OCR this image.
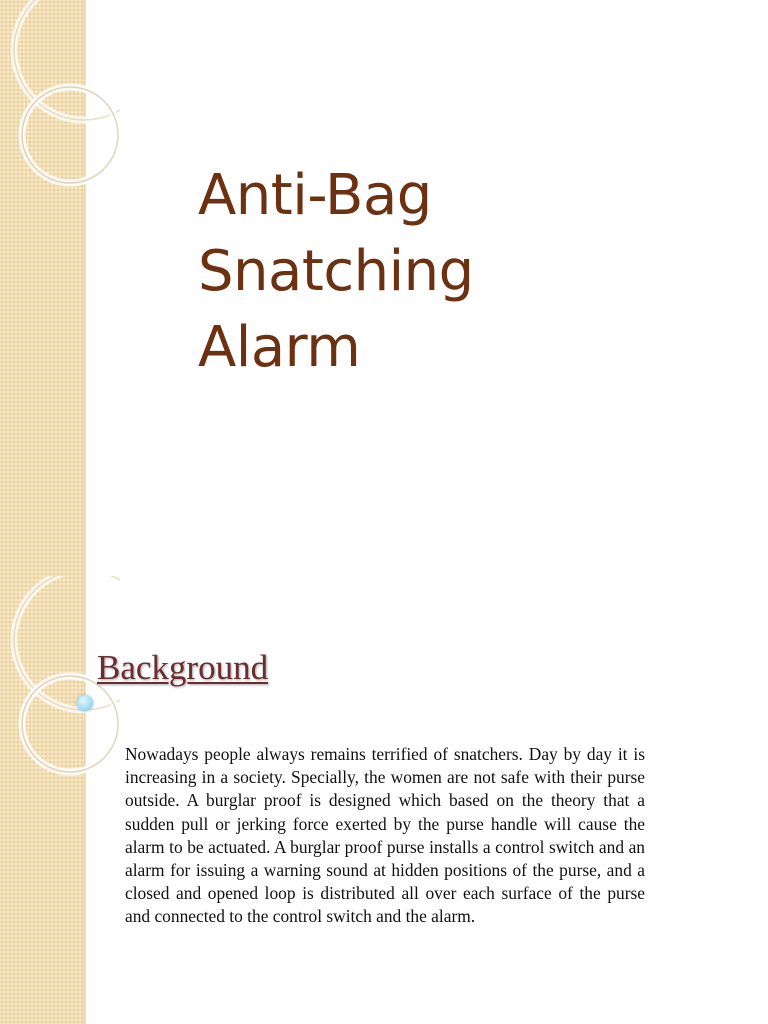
Anti-Bag
Snatching
Alarm
Background

Nowadays people always remains terrified of snatchers. Day by day it is increasing in a society. Specially, the women are not safe with their purse outside. A burglar proof is designed which based on the theory that a sudden pull or jerking force exerted by the purse handle will cause the alarm to be actuated. A burglar proof purse installs a control switch and an alarm for issuing a warning sound at hidden positions of the purse, and a closed and opened loop is distributed all over each surface of the purse and connected to the control switch and the alarm.
